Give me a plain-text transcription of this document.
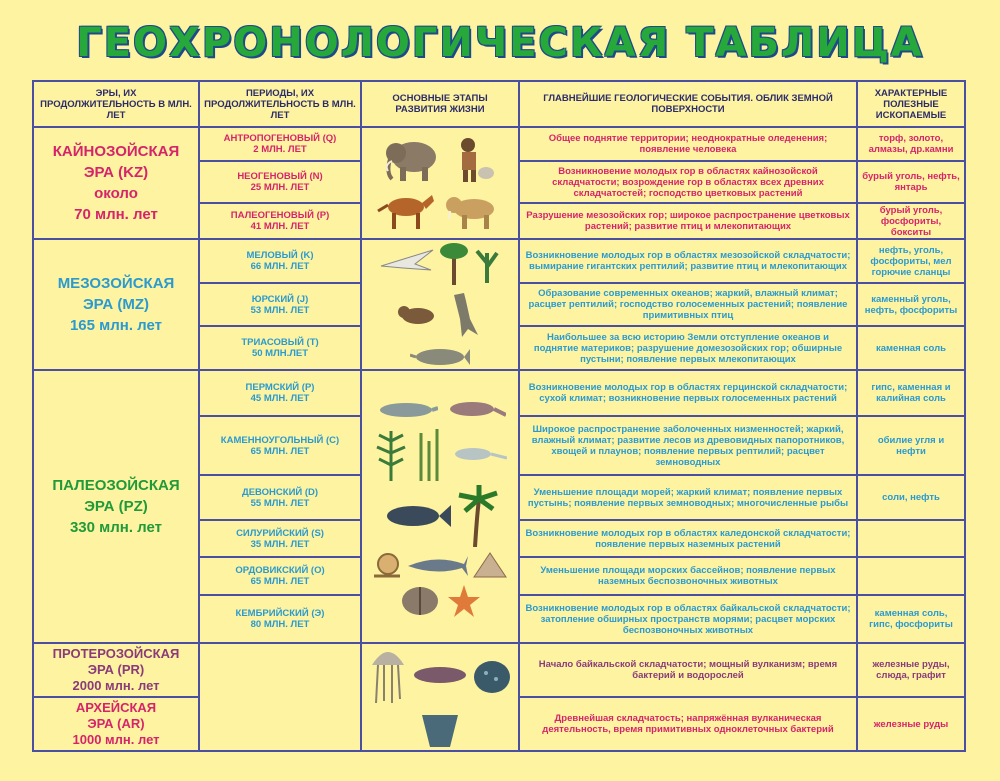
ГЕОХРОНОЛОГИЧЕСКАЯ ТАБЛИЦА
ЭРЫ, ИХ ПРОДОЛЖИТЕЛЬНОСТЬ В МЛН. ЛЕТ
ПЕРИОДЫ, ИХ ПРОДОЛЖИТЕЛЬНОСТЬ В МЛН. ЛЕТ
ОСНОВНЫЕ ЭТАПЫ РАЗВИТИЯ ЖИЗНИ
ГЛАВНЕЙШИЕ ГЕОЛОГИЧЕСКИЕ СОБЫТИЯ. ОБЛИК ЗЕМНОЙ ПОВЕРХНОСТИ
ХАРАКТЕРНЫЕ ПОЛЕЗНЫЕ ИСКОПАЕМЫЕ
КАЙНОЗОЙСКАЯ
ЭРА (KZ)
около
70 млн. лет
МЕЗОЗОЙСКАЯ
ЭРА (MZ)
165 млн. лет
ПАЛЕОЗОЙСКАЯ
ЭРА (PZ)
330 млн. лет
ПРОТЕРОЗОЙСКАЯ
ЭРА (PR)
2000 млн. лет
АРХЕЙСКАЯ
ЭРА (AR)
1000 млн. лет
АНТРОПОГЕНОВЫЙ (Q)
2 МЛН. ЛЕТ
НЕОГЕНОВЫЙ (N)
25 МЛН. ЛЕТ
ПАЛЕОГЕНОВЫЙ (P)
41 МЛН. ЛЕТ
МЕЛОВЫЙ (K)
66 МЛН. ЛЕТ
ЮРСКИЙ (J)
53 МЛН. ЛЕТ
ТРИАСОВЫЙ (T)
50 МЛН.ЛЕТ
ПЕРМСКИЙ (P)
45 МЛН. ЛЕТ
КАМЕННОУГОЛЬНЫЙ (C)
65 МЛН. ЛЕТ
ДЕВОНСКИЙ (D)
55 МЛН. ЛЕТ
СИЛУРИЙСКИЙ (S)
35 МЛН. ЛЕТ
ОРДОВИКСКИЙ (O)
65 МЛН. ЛЕТ
КЕМБРИЙСКИЙ (Э)
80 МЛН. ЛЕТ
Общее поднятие территории; неоднократные оледенения; появление человека
Возникновение молодых гор в областях кайнозойской складчатости; возрождение гор в областях всех древних складчатостей; господство цветковых растений
Разрушение мезозойских гор; широкое распространение цветковых растений; развитие птиц и млекопитающих
Возникновение молодых гор в областях мезозойской складчатости; вымирание гигантских рептилий; развитие птиц и млекопитающих
Образование современных океанов; жаркий, влажный климат; расцвет рептилий; господство голосеменных растений; появление примитивных птиц
Наибольшее за всю историю Земли отступление океанов и поднятие материков; разрушение домезозойских гор; обширные пустыни; появление первых млекопитающих
Возникновение молодых гор в областях герцинской складчатости; сухой климат; возникновение первых голосеменных растений
Широкое распространение заболоченных низменностей; жаркий, влажный климат; развитие лесов из древовидных папоротников, хвощей и плаунов; появление первых рептилий; расцвет земноводных
Уменьшение площади морей; жаркий климат; появление первых пустынь; появление первых земноводных; многочисленные рыбы
Возникновение молодых гор в областях каледонской складчатости; появление первых наземных растений
Уменьшение площади морских бассейнов; появление первых наземных беспозвоночных животных
Возникновение молодых гор в областях байкальской складчатости; затопление обширных пространств морями; расцвет морских беспозвоночных животных
Начало байкальской складчатости; мощный вулканизм; время бактерий и водорослей
Древнейшая складчатость; напряжённая вулканическая деятельность, время примитивных одноклеточных бактерий
торф, золото, алмазы, др.камни
бурый уголь, нефть, янтарь
бурый уголь, фосфориты, бокситы
нефть, уголь, фосфориты, мел горючие сланцы
каменный уголь, нефть, фосфориты
каменная соль
гипс, каменная и калийная соль
обилие угля и нефти
соли, нефть
каменная соль, гипс, фосфориты
железные руды, слюда, графит
железные руды
